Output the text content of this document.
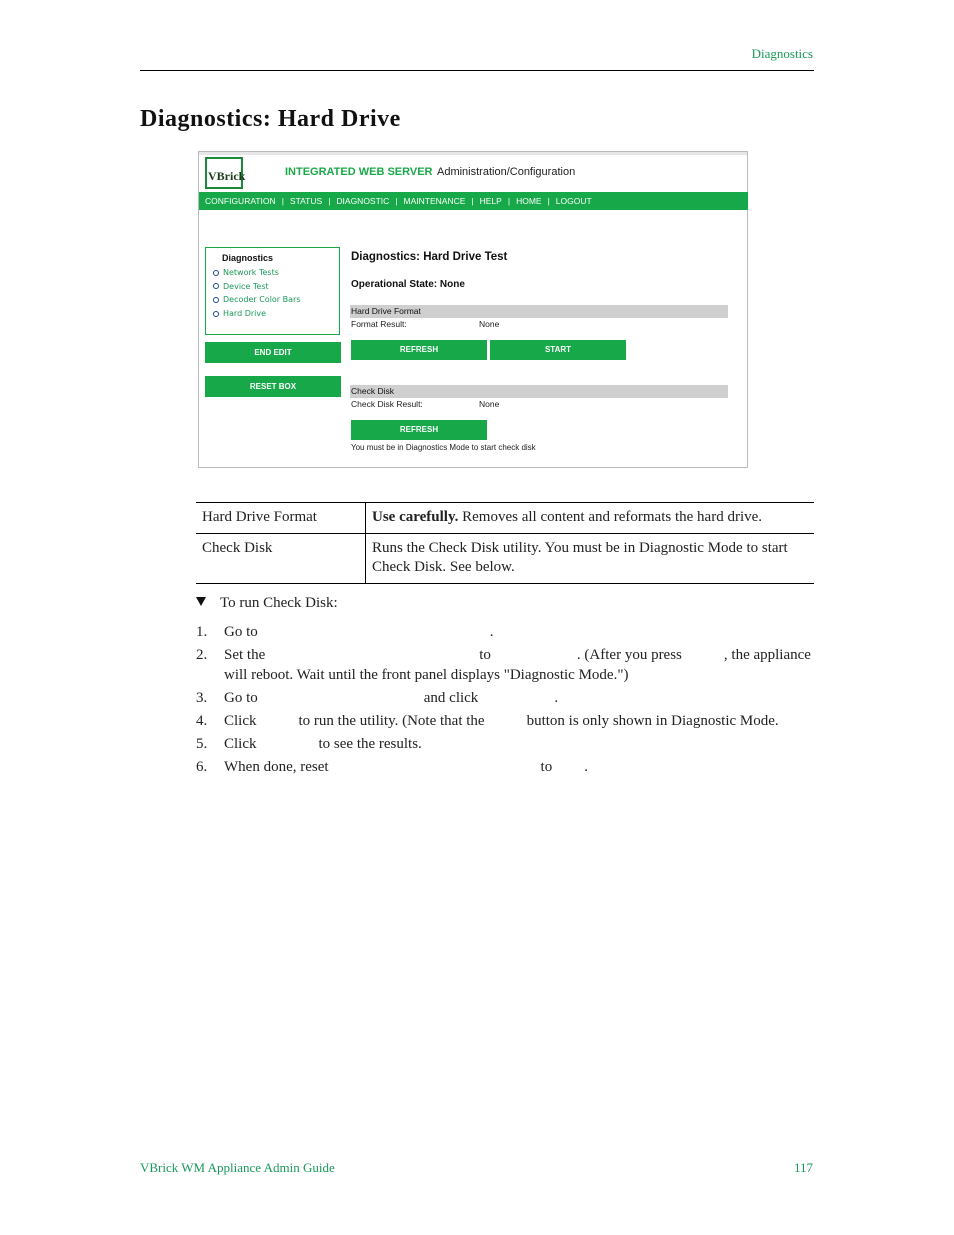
Diagnostics
Diagnostics: Hard Drive
VBrick	INTEGRATED WEB SERVER Administration/Configuration
CONFIGURATION | STATUS | DIAGNOSTIC | MAINTENANCE | HELP | HOME | LOGOUT
Diagnostics
Network Tests
Device Test
Decoder Color Bars
Hard Drive
END EDIT
RESET BOX
Diagnostics: Hard Drive Test
Operational State: None
Hard Drive Format
Format Result:	None
REFRESH	START
Check Disk
Check Disk Result:	None
REFRESH
You must be in Diagnostics Mode to start check disk
Hard Drive Format	Use carefully. Removes all content and reformats the hard drive.
Check Disk	Runs the Check Disk utility. You must be in Diagnostic Mode to start Check Disk. See below.
To run Check Disk:
1. Go to	.
2. Set the	to	. (After you press	, the appliance will reboot. Wait until the front panel displays "Diagnostic Mode.")
3. Go to	and click	.
4. Click	to run the utility. (Note that the	button is only shown in Diagnostic Mode.
5. Click	to see the results.
6. When done, reset	to .
VBrick WM Appliance Admin Guide	117
